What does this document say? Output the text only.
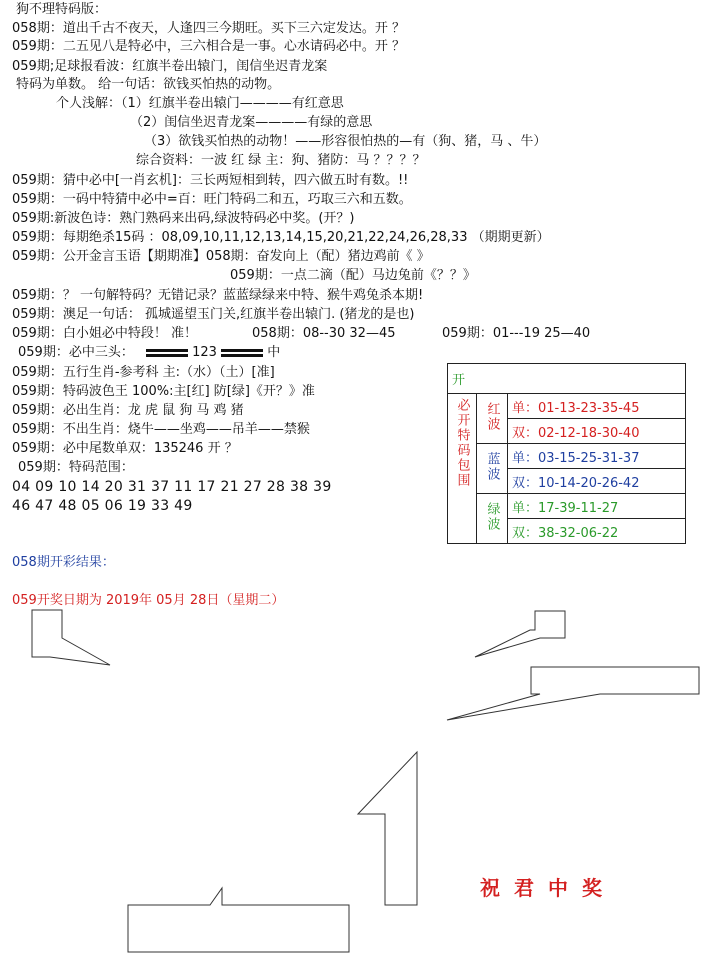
狗不理特码版：
058期：道出千古不夜天，人逢四三今期旺。买下三六定发达。开 ？
059期：二五见八是特必中，三六相合是一事。心水请码必中。开 ？
059期;足球报看波：红旗半卷出辕门，闺信坐迟青龙案
特码为单数。 给一句话：欲钱买怕热的动物。
个人浅解：（1）红旗半卷出辕门————有红意思
（2）闺信坐迟青龙案————有绿的意思
（3）欲钱买怕热的动物！——形容很怕热的—有（狗、猪，马 、牛）
综合资料：一波 红 绿 主：狗、猪防：马 ？？？？
059期：猜中必中[一肖玄机]：三长两短相到转，四六做五时有数。!!
059期：一码中特猜中必中=百：旺门特码二和五，巧取三六和五数。
059期:新波色诗：熟门熟码来出码,绿波特码必中奖。(开？)
059期：每期绝杀15码 ：08,09,10,11,12,13,14,15,20,21,22,24,26,28,33 （期期更新）
059期：公开金言玉语【期期准】058期：奋发向上（配）猪边鸡前《 》
059期：一点二滴（配）马边兔前《？？》
059期：？ 一句解特码？无错记录？蓝蓝绿绿来中特、猴牛鸡兔杀本期!
059期：澳足一句话： 孤城遥望玉门关,红旗半卷出辕门. (猪龙的是也)
059期：白小姐必中特段！ 准！	058期：08--30 32—45	059期：01---19 25—40
059期：必中三头：	123	中
059期：五行生肖-参考科 主:（水）（土）[准]
059期：特码波色王 100%:主[红] 防[绿]《开？》准
059期：必出生肖：龙 虎 鼠 狗 马 鸡 猪
059期：不出生肖：烧牛——坐鸡——吊羊——禁猴
059期：必中尾数单双：135246 开 ？
059期：特码范围：
04 09 10 14 20 31 37 11 17 21 27 28 38 39
46 47 48 05 06 19 33 49
058期开彩结果：
059开奖日期为 2019年 05月 28日（星期二）
开		
必开特码包围	红波	单：01-13-23-35-45
		双：02-12-18-30-40
	蓝波	单：03-15-25-31-37
		双：10-14-20-26-42
	绿波	单：17-39-11-27
		双：38-32-06-22
祝君中奖
